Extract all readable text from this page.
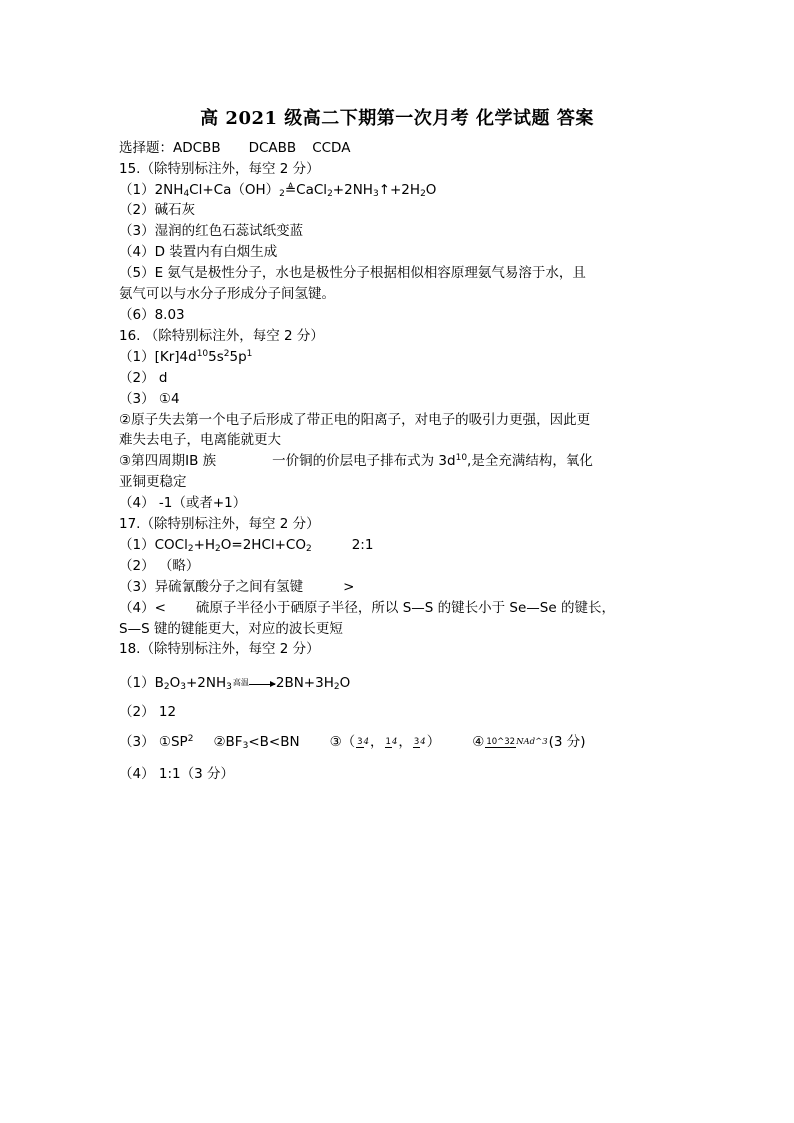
高 2021 级高二下期第一次月考 化学试题 答案
选择题：ADCBB DCABB CCDA
15.（除特别标注外，每空 2 分）
$(1)2NH_4Cl+Ca(OH)_2≜CaCl_2+2NH_3↑+2H_2O$
（2）碱石灰
（3）湿润的红色石蕊试纸变蓝
（4）D 装置内有白烟生成
（5）E 氨气是极性分子，水也是极性分子根据相似相容原理氨气易溶于水，且
氨气可以与水分子形成分子间氢键。
（6）8.03
16. （除特别标注外，每空 2 分）
$(1)[Kr]4d^{10}5s^25p^1$
（2） d
（3） ①4
②原子失去第一个电子后形成了带正电的阳离子，对电子的吸引力更强，因此更
难失去电子，电离能就更大
③第四周期ⅠB 族	一价铜的价层电子排布式为 $3d^{10}$,是全充满结构，氧化
亚铜更稳定
（4） -1（或者+1）
17.（除特别标注外，每空 2 分）
$(1)COCl_2+H_2O=2HCl+CO_2$	2:1
（2） （略）
（3）异硫氰酸分子之间有氢键	>
（4）< 硫原子半径小于硒原子半径，所以 S—S 的键长小于 Se—Se 的键长，
S—S 键的键能更大，对应的波长更短
18.（除特别标注外，每空 2 分）
$(1)B_2O_3+2NH_3$高温 $2BN+3H_2O$
（2） 12
（3） $①SP^2$ $②BF_3<B<BN$ ③（ 34， 14， 34） ④ 10^32NAd^3(3 分)
（4） 1:1（3 分）
